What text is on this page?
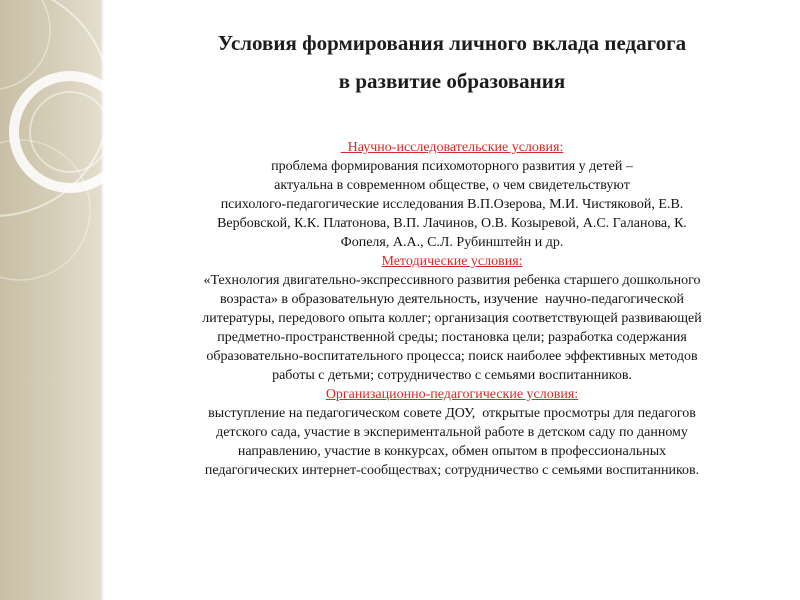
Условия формирования личного вклада педагога
в развитие образования
Научно-исследовательские условия:
проблема формирования психомоторного развития у детей –
актуальна в современном обществе, о чем свидетельствуют
психолого-педагогические исследования В.П.Озерова, М.И. Чистяковой, Е.В.
Вербовской, К.К. Платонова, В.П. Лачинов, О.В. Козыревой, А.С. Галанова, К.
Фопеля, А.А., С.Л. Рубинштейн и др.
Методические условия:
«Технология двигательно-экспрессивного развития ребенка старшего дошкольного
возраста» в образовательную деятельность, изучение  научно-педагогической
литературы, передового опыта коллег; организация соответствующей развивающей
предметно-пространственной среды; постановка цели; разработка содержания
образовательно-воспитательного процесса; поиск наиболее эффективных методов
работы с детьми; сотрудничество с семьями воспитанников.
Организационно-педагогические условия:
выступление на педагогическом совете ДОУ,  открытые просмотры для педагогов
детского сада, участие в экспериментальной работе в детском саду по данному
направлению, участие в конкурсах, обмен опытом в профессиональных
педагогических интернет-сообществах; сотрудничество с семьями воспитанников.
